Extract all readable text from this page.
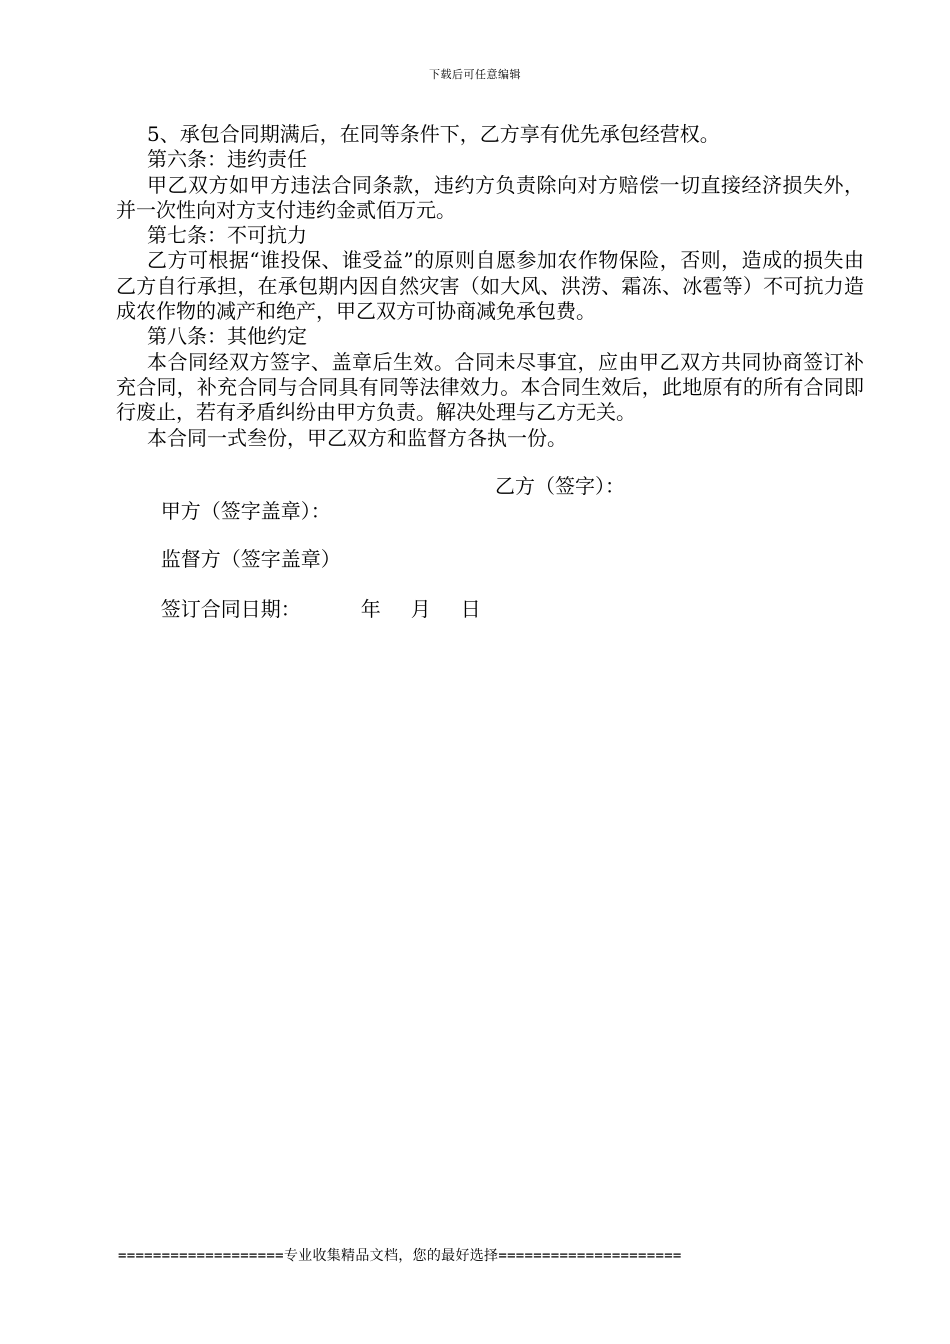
下载后可任意编辑

5、承包合同期满后，在同等条件下，乙方享有优先承包经营权。

第六条：违约责任

甲乙双方如甲方违法合同条款，违约方负责除向对方赔偿一切直接经济损失外，并一次性向对方支付违约金贰佰万元。

第七条：不可抗力

乙方可根据“谁投保、谁受益”的原则自愿参加农作物保险，否则，造成的损失由乙方自行承担，在承包期内因自然灾害（如大风、洪涝、霜冻、冰雹等）不可抗力造成农作物的减产和绝产，甲乙双方可协商减免承包费。

第八条：其他约定

本合同经双方签字、盖章后生效。合同未尽事宜，应由甲乙双方共同协商签订补充合同，补充合同与合同具有同等法律效力。本合同生效后，此地原有的所有合同即行废止，若有矛盾纠纷由甲方负责。解决处理与乙方无关。

本合同一式叁份，甲乙双方和监督方各执一份。

甲方（签字盖章）：

乙方（签字）：

监督方（签字盖章）

签订合同日期：	年 月 日

===================专业收集精品文档，您的最好选择=====================
